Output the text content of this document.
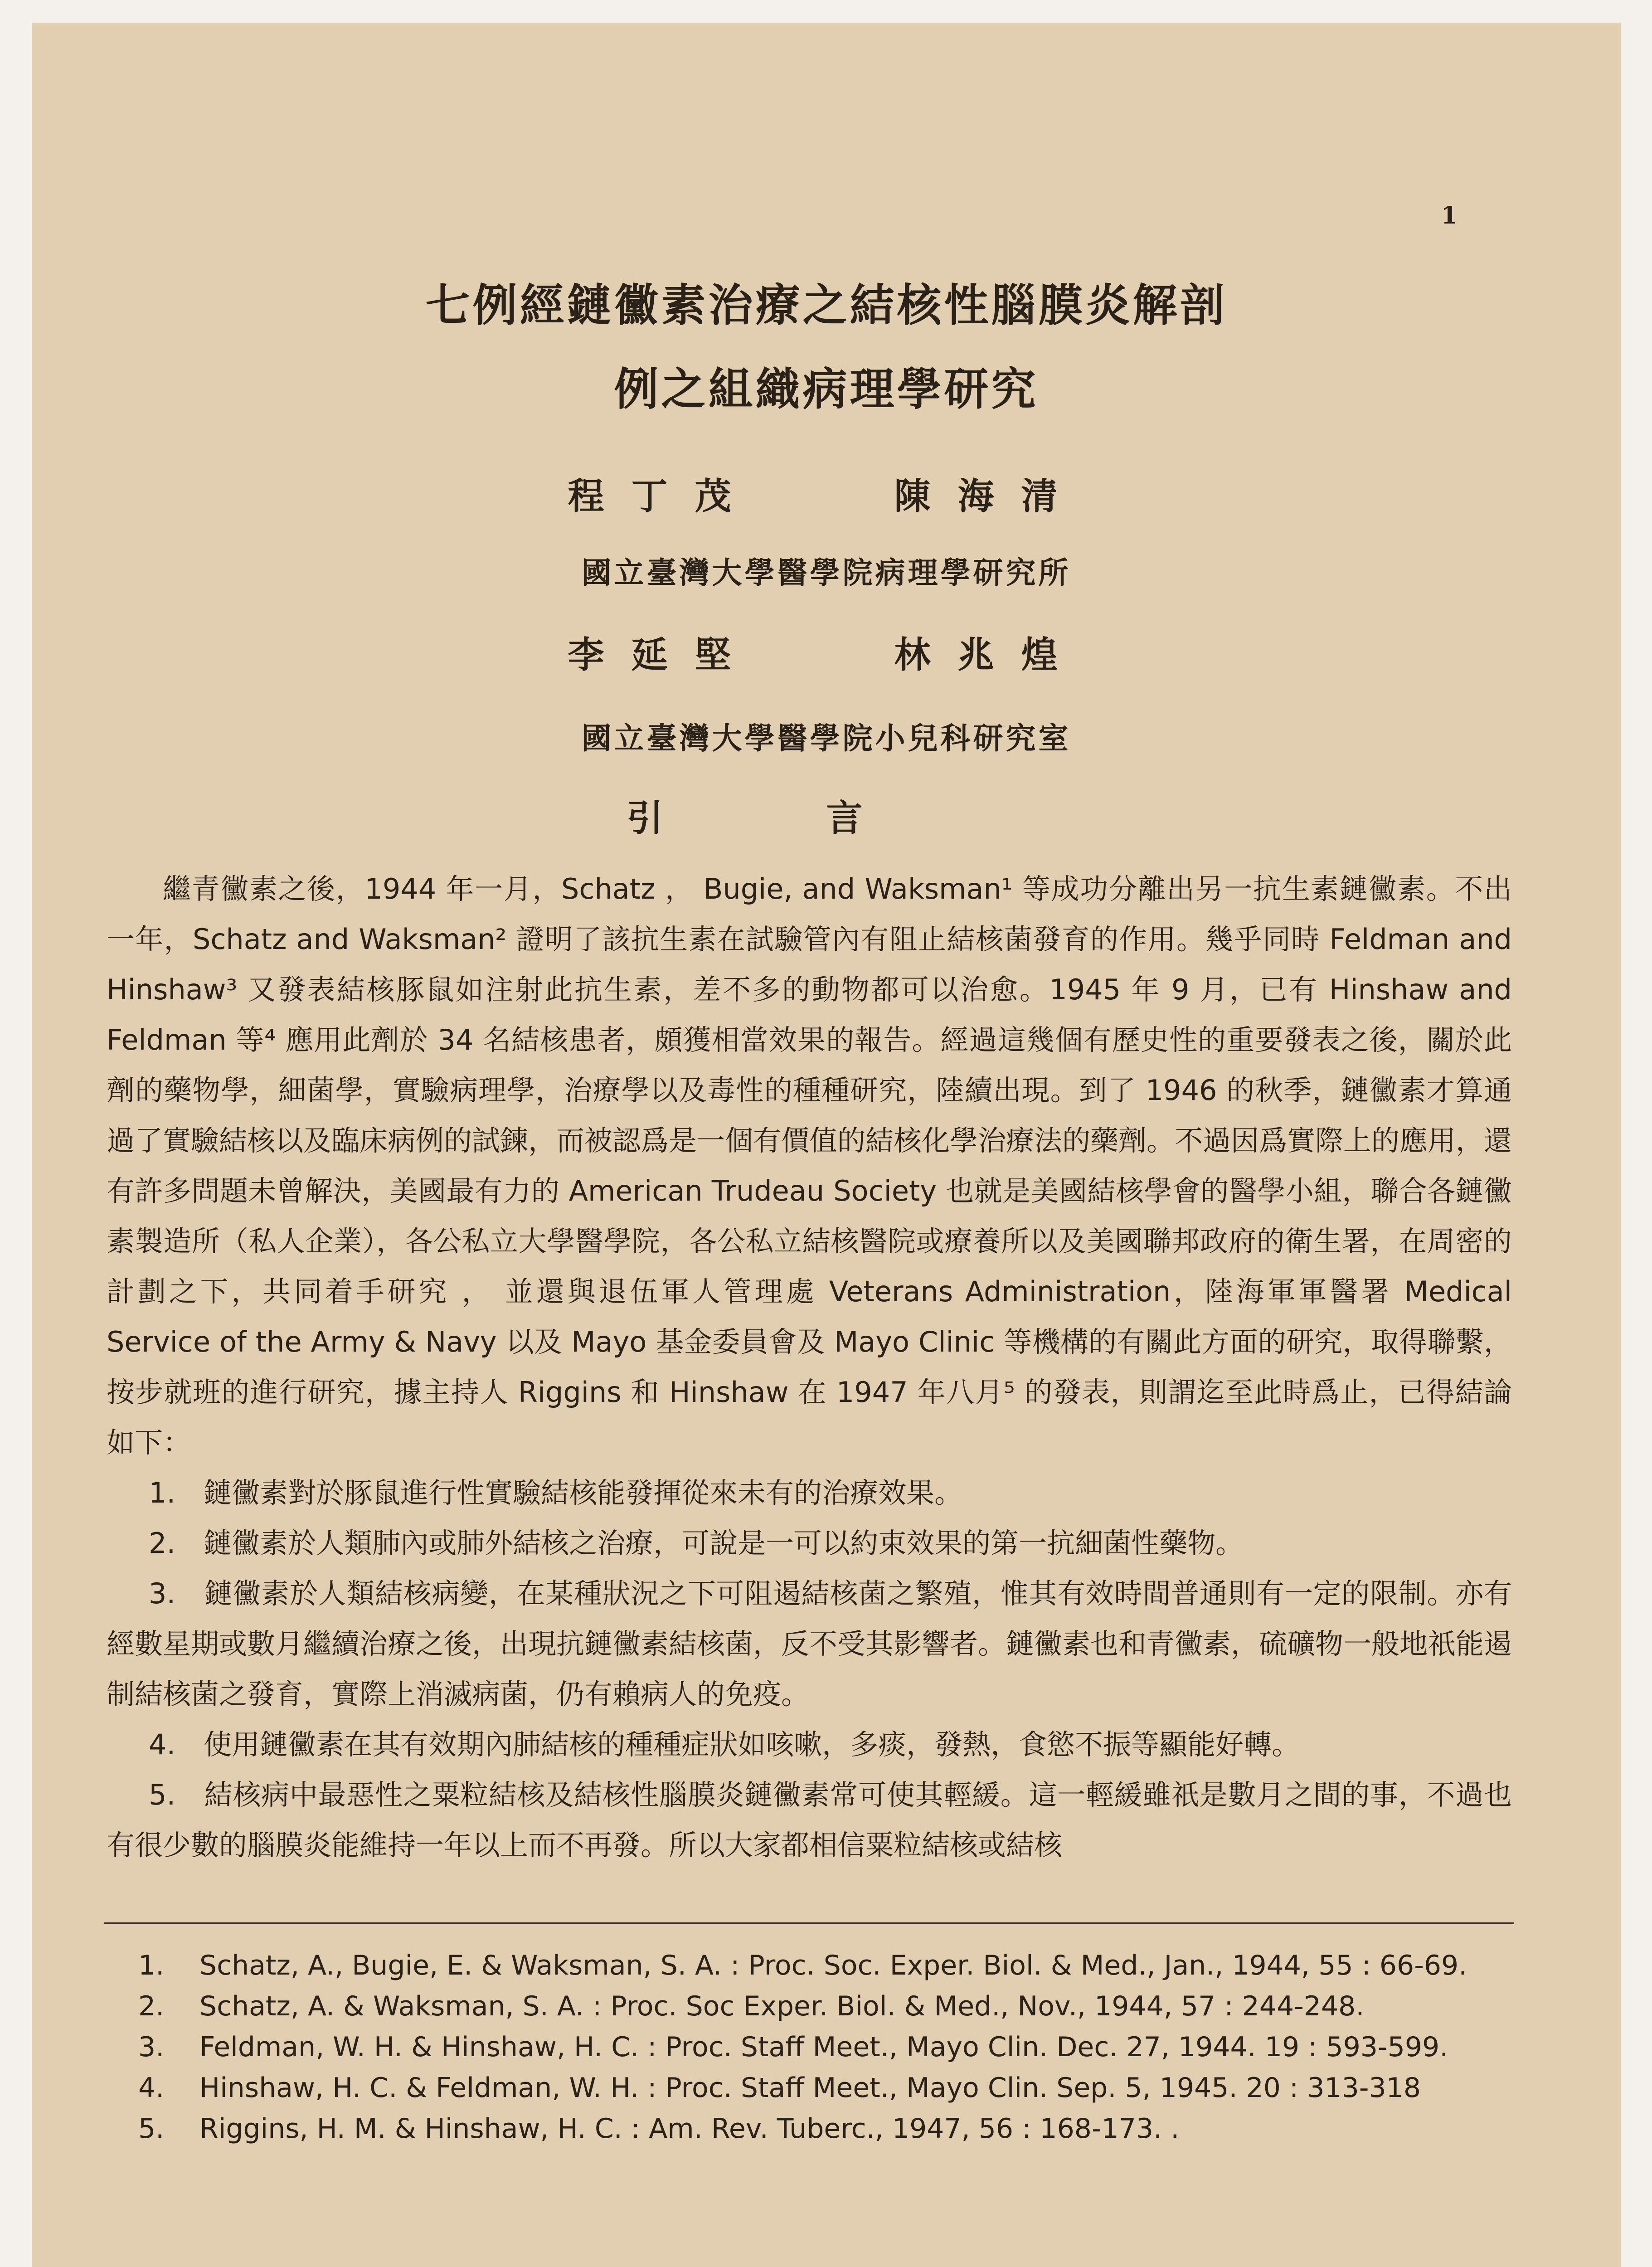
1
七例經鏈黴素治療之結核性腦膜炎解剖
例之組織病理學研究
程丁茂	陳海清
國立臺灣大學醫學院病理學研究所
李延堅	林兆煌
國立臺灣大學醫學院小兒科研究室
引言

繼青黴素之後，1944 年一月，Schatz ， Bugie, and Waksman¹ 等成功分離出另一抗生素鏈黴素。不出一年，Schatz and Waksman² 證明了該抗生素在試驗管內有阻止結核菌發育的作用。幾乎同時 Feldman and Hinshaw³ 又發表結核豚鼠如注射此抗生素，差不多的動物都可以治愈。1945 年 9 月，已有 Hinshaw and Feldman 等⁴ 應用此劑於 34 名結核患者，頗獲相當效果的報告。經過這幾個有歷史性的重要發表之後，關於此劑的藥物學，細菌學，實驗病理學，治療學以及毒性的種種研究，陸續出現。到了 1946 的秋季，鏈黴素才算通過了實驗結核以及臨床病例的試鍊，而被認爲是一個有價值的結核化學治療法的藥劑。不過因爲實際上的應用，還有許多問題未曾解決，美國最有力的 American Trudeau Society 也就是美國結核學會的醫學小組，聯合各鏈黴素製造所（私人企業），各公私立大學醫學院，各公私立結核醫院或療養所以及美國聯邦政府的衛生署，在周密的計劃之下，共同着手研究 ， 並還與退伍軍人管理處 Veterans Administration，陸海軍軍醫署 Medical Service of the Army & Navy 以及 Mayo 基金委員會及 Mayo Clinic 等機構的有關此方面的研究，取得聯繫，按步就班的進行研究，據主持人 Riggins 和 Hinshaw 在 1947 年八月⁵ 的發表，則謂迄至此時爲止，已得結論如下：

1.　鏈黴素對於豚鼠進行性實驗結核能發揮從來未有的治療效果。

2.　鏈黴素於人類肺內或肺外結核之治療，可說是一可以約束效果的第一抗細菌性藥物。

3.　鏈黴素於人類結核病變，在某種狀況之下可阻遏結核菌之繁殖，惟其有效時間普通則有一定的限制。亦有經數星期或數月繼續治療之後，出現抗鏈黴素結核菌，反不受其影響者。鏈黴素也和青黴素，硫礦物一般地祇能遏制結核菌之發育，實際上消滅病菌，仍有賴病人的免疫。

4.　使用鏈黴素在其有效期內肺結核的種種症狀如咳嗽，多痰，發熱，食慾不振等顯能好轉。

5.　結核病中最惡性之粟粒結核及結核性腦膜炎鏈黴素常可使其輕緩。這一輕緩雖祇是數月之間的事，不過也有很少數的腦膜炎能維持一年以上而不再發。所以大家都相信粟粒結核或結核

1. Schatz, A., Bugie, E. & Waksman, S. A. : Proc. Soc. Exper. Biol. & Med., Jan., 1944, 55 : 66-69.
2. Schatz, A. & Waksman, S. A. : Proc. Soc Exper. Biol. & Med., Nov., 1944, 57 : 244-248.
3. Feldman, W. H. & Hinshaw, H. C. : Proc. Staff Meet., Mayo Clin. Dec. 27, 1944. 19 : 593-599.
4. Hinshaw, H. C. & Feldman, W. H. : Proc. Staff Meet., Mayo Clin. Sep. 5, 1945. 20 : 313-318
5. Riggins, H. M. & Hinshaw, H. C. : Am. Rev. Tuberc., 1947, 56 : 168-173. .
